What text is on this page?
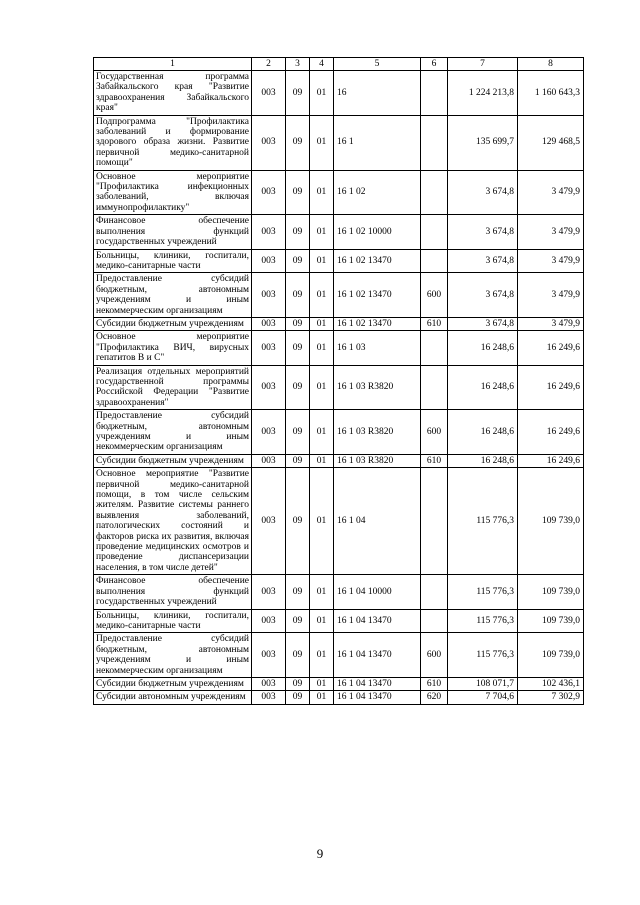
1	2	3	4	5	6	7	8
Государственная программа Забайкальского края "Развитие здравоохранения Забайкальского края"	003	09	01	16		1 224 213,8	1 160 643,3
Подпрограмма "Профилактика заболеваний и формирование здорового образа жизни. Развитие первичной медико-санитарной помощи"	003	09	01	16 1		135 699,7	129 468,5
Основное мероприятие "Профилактика инфекционных заболеваний, включая иммунопрофилактику"	003	09	01	16 1 02		3 674,8	3 479,9
Финансовое обеспечение выполнения функций государственных учреждений	003	09	01	16 1 02 10000		3 674,8	3 479,9
Больницы, клиники, госпитали, медико-санитарные части	003	09	01	16 1 02 13470		3 674,8	3 479,9
Предоставление субсидий бюджетным, автономным учреждениям и иным некоммерческим организациям	003	09	01	16 1 02 13470	600	3 674,8	3 479,9
Субсидии бюджетным учреждениям	003	09	01	16 1 02 13470	610	3 674,8	3 479,9
Основное мероприятие "Профилактика ВИЧ, вирусных гепатитов В и С"	003	09	01	16 1 03		16 248,6	16 249,6
Реализация отдельных мероприятий государственной программы Российской Федерации "Развитие здравоохранения"	003	09	01	16 1 03 R3820		16 248,6	16 249,6
Предоставление субсидий бюджетным, автономным учреждениям и иным некоммерческим организациям	003	09	01	16 1 03 R3820	600	16 248,6	16 249,6
Субсидии бюджетным учреждениям	003	09	01	16 1 03 R3820	610	16 248,6	16 249,6
Основное мероприятие "Развитие первичной медико-санитарной помощи, в том числе сельским жителям. Развитие системы раннего выявления заболеваний, патологических состояний и факторов риска их развития, включая проведение медицинских осмотров и проведение диспансеризации населения, в том числе детей"	003	09	01	16 1 04		115 776,3	109 739,0
Финансовое обеспечение выполнения функций государственных учреждений	003	09	01	16 1 04 10000		115 776,3	109 739,0
Больницы, клиники, госпитали, медико-санитарные части	003	09	01	16 1 04 13470		115 776,3	109 739,0
Предоставление субсидий бюджетным, автономным учреждениям и иным некоммерческим организациям	003	09	01	16 1 04 13470	600	115 776,3	109 739,0
Субсидии бюджетным учреждениям	003	09	01	16 1 04 13470	610	108 071,7	102 436,1
Субсидии автономным учреждениям	003	09	01	16 1 04 13470	620	7 704,6	7 302,9
9
